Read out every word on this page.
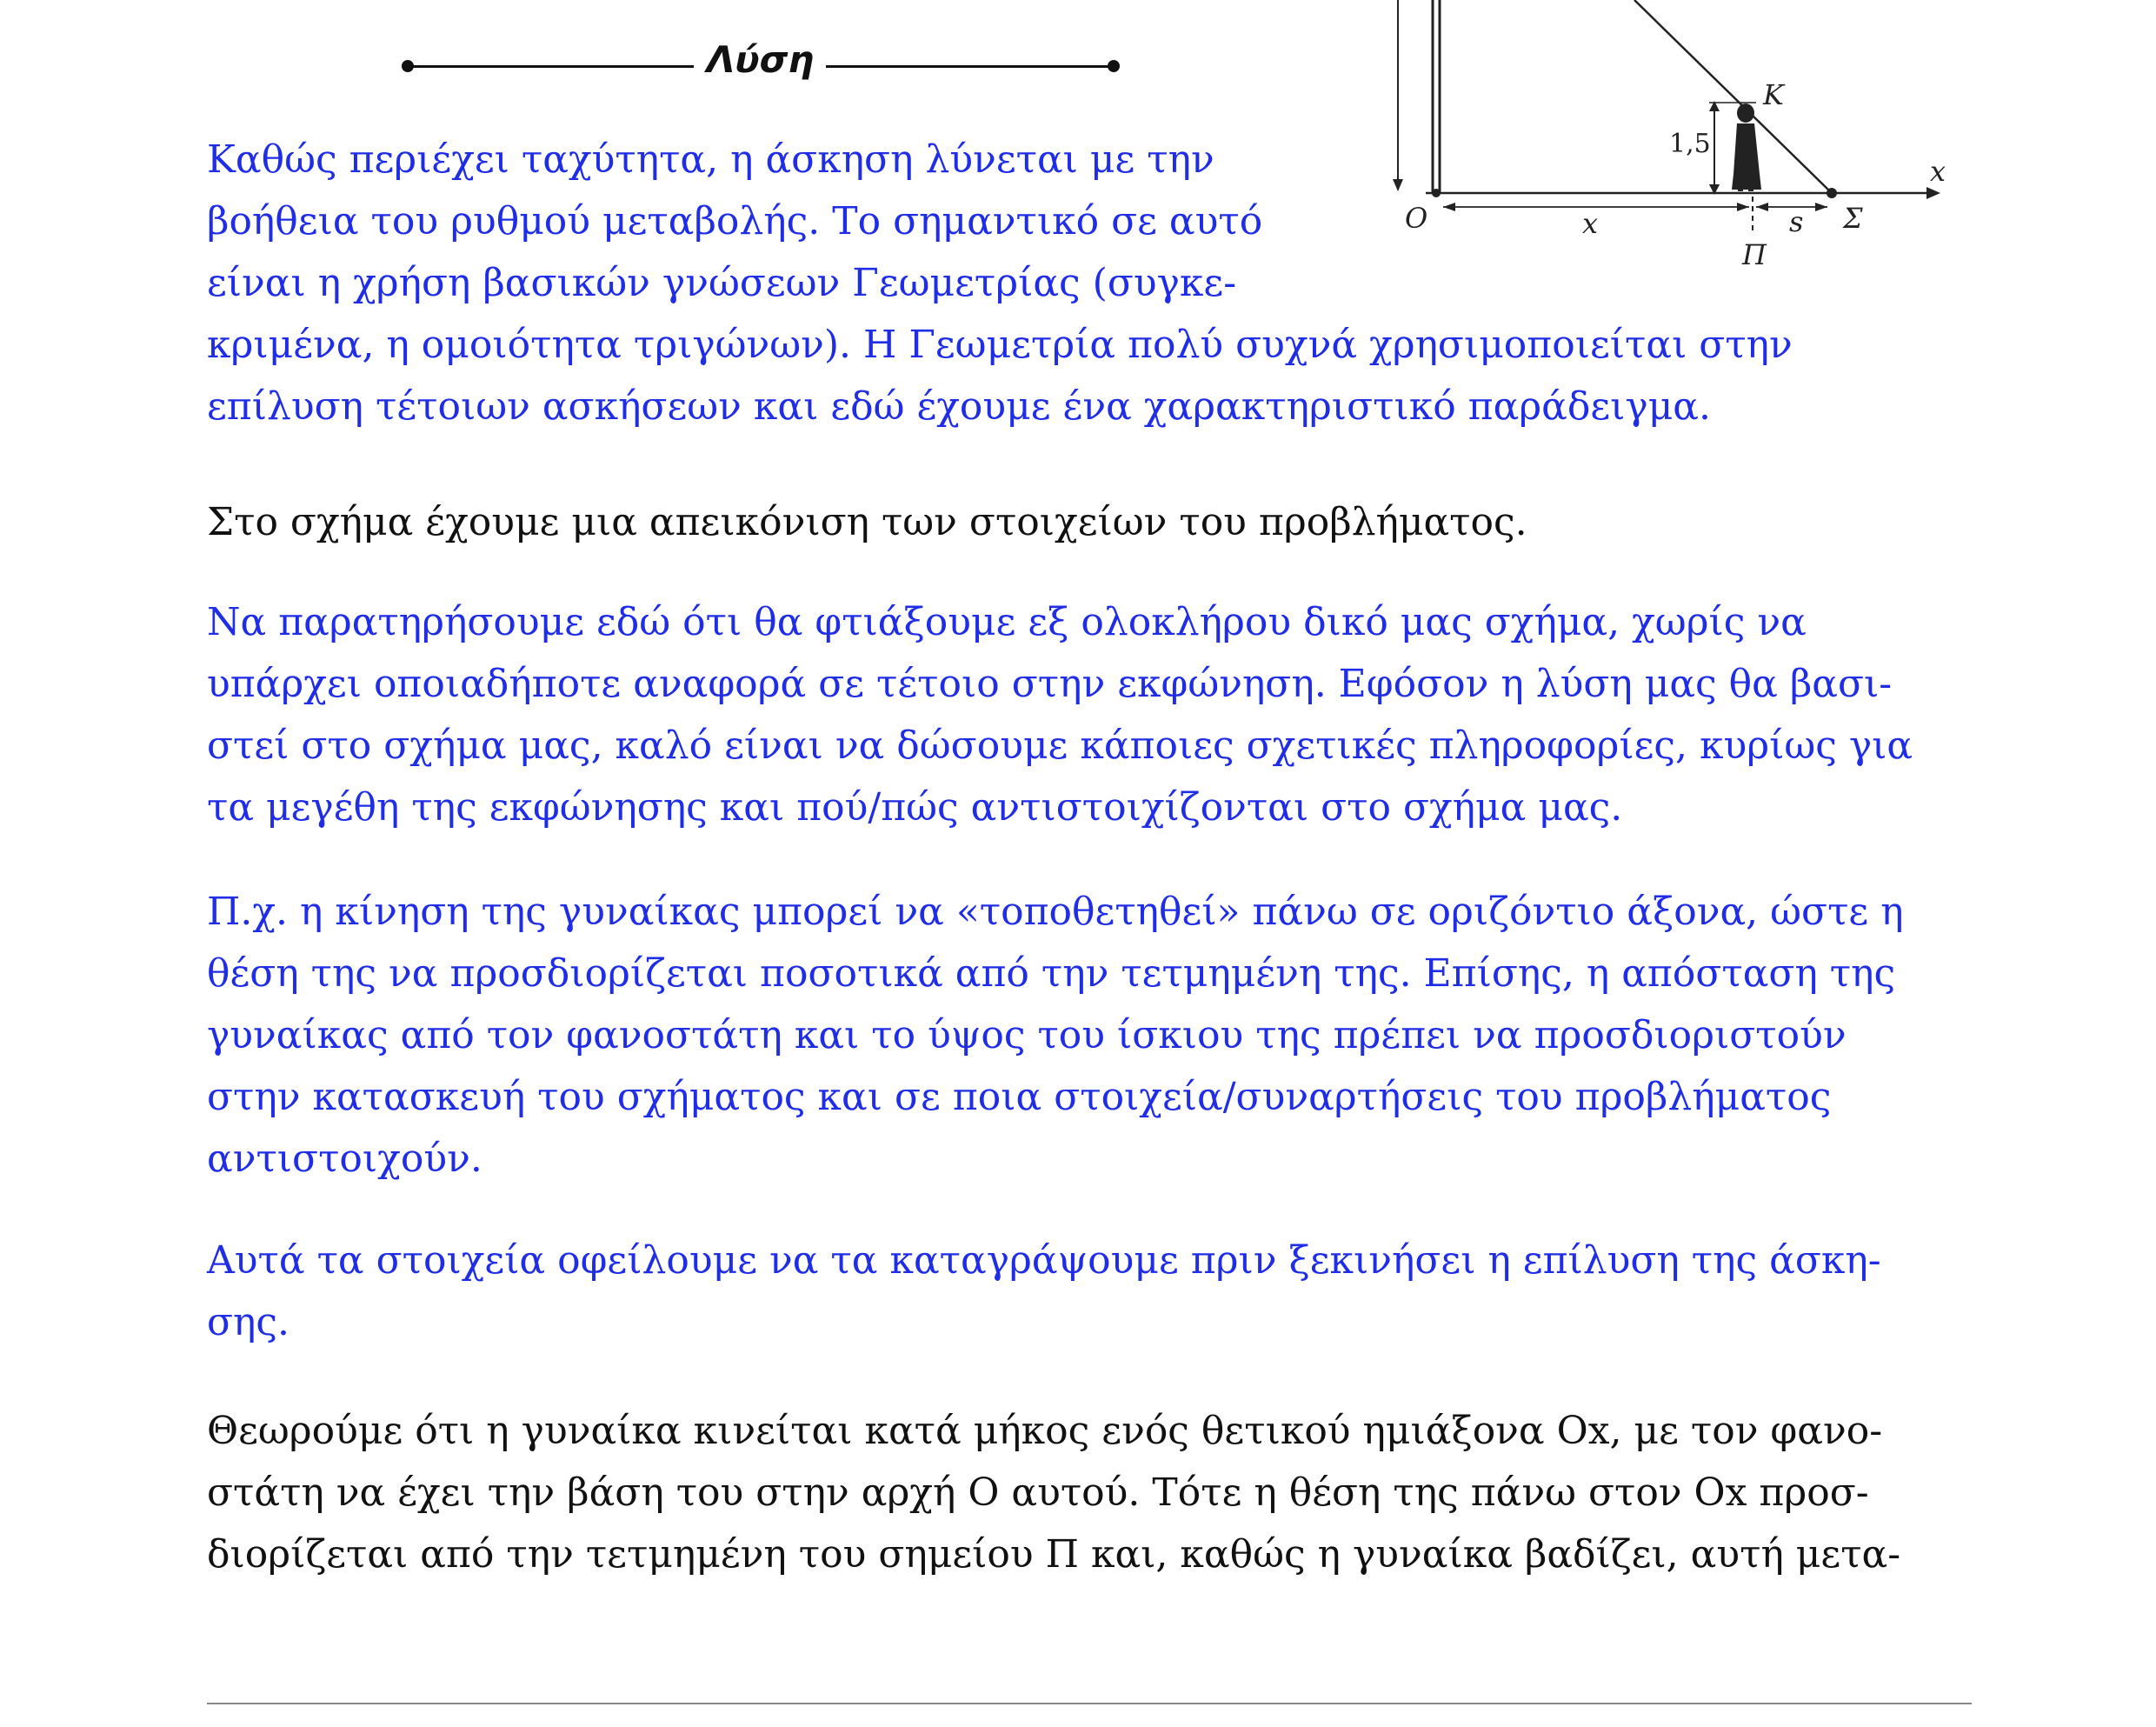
Λύση
O
x
x	s Σ
Π
K
1,5
Καθώς περιέχει ταχύτητα, η άσκηση λύνεται με την
βοήθεια του ρυθμού μεταβολής. Το σημαντικό σε αυτό
είναι η χρήση βασικών γνώσεων Γεωμετρίας (συγκε-
κριμένα, η ομοιότητα τριγώνων). Η Γεωμετρία πολύ συχνά χρησιμοποιείται στην
επίλυση τέτοιων ασκήσεων και εδώ έχουμε ένα χαρακτηριστικό παράδειγμα.
Στο σχήμα έχουμε μια απεικόνιση των στοιχείων του προβλήματος.
Να παρατηρήσουμε εδώ ότι θα φτιάξουμε εξ ολοκλήρου δικό μας σχήμα, χωρίς να
υπάρχει οποιαδήποτε αναφορά σε τέτοιο στην εκφώνηση. Εφόσον η λύση μας θα βασι-
στεί στο σχήμα μας, καλό είναι να δώσουμε κάποιες σχετικές πληροφορίες, κυρίως για
τα μεγέθη της εκφώνησης και πού/πώς αντιστοιχίζονται στο σχήμα μας.
Π.χ. η κίνηση της γυναίκας μπορεί να «τοποθετηθεί» πάνω σε οριζόντιο άξονα, ώστε η
θέση της να προσδιορίζεται ποσοτικά από την τετμημένη της. Επίσης, η απόσταση της
γυναίκας από τον φανοστάτη και το ύψος του ίσκιου της πρέπει να προσδιοριστούν
στην κατασκευή του σχήματος και σε ποια στοιχεία/συναρτήσεις του προβλήματος
αντιστοιχούν.
Αυτά τα στοιχεία οφείλουμε να τα καταγράψουμε πριν ξεκινήσει η επίλυση της άσκη-
σης.
Θεωρούμε ότι η γυναίκα κινείται κατά μήκος ενός θετικού ημιάξονα Ox, με τον φανο-
στάτη να έχει την βάση του στην αρχή O αυτού. Τότε η θέση της πάνω στον Ox προσ-
διορίζεται από την τετμημένη του σημείου Π και, καθώς η γυναίκα βαδίζει, αυτή μετα-
